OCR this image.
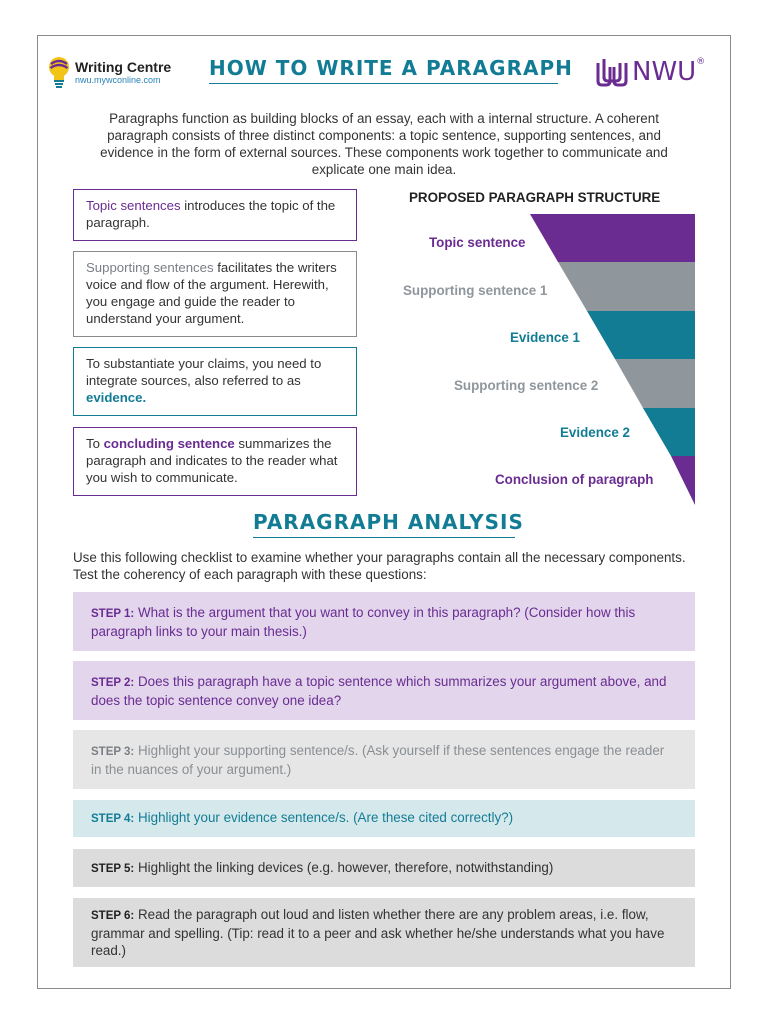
Writing Centre
nwu.mywconline.com	HOW TO WRITE A PARAGRAPH NWU®
Paragraphs function as building blocks of an essay, each with a internal structure. A coherent paragraph consists of three distinct components: a topic sentence, supporting sentences, and evidence in the form of external sources. These components work together to communicate and explicate one main idea.
Topic sentences introduces the topic of the paragraph.
Supporting sentences facilitates the writers voice and flow of the argument. Herewith, you engage and guide the reader to understand your argument.
To substantiate your claims, you need to integrate sources, also referred to as evidence.
To concluding sentence summarizes the paragraph and indicates to the reader what you wish to communicate.
PROPOSED PARAGRAPH STRUCTURE
Topic sentence
Supporting sentence 1
Evidence 1
Supporting sentence 2
Evidence 2
Conclusion of paragraph
PARAGRAPH ANALYSIS
Use this following checklist to examine whether your paragraphs contain all the necessary components. Test the coherency of each paragraph with these questions:
STEP 1: What is the argument that you want to convey in this paragraph? (Consider how this paragraph links to your main thesis.)
STEP 2: Does this paragraph have a topic sentence which summarizes your argument above, and does the topic sentence convey one idea?
STEP 3: Highlight your supporting sentence/s. (Ask yourself if these sentences engage the reader in the nuances of your argument.)
STEP 4: Highlight your evidence sentence/s. (Are these cited correctly?)
STEP 5: Highlight the linking devices (e.g. however, therefore, notwithstanding)
STEP 6: Read the paragraph out loud and listen whether there are any problem areas, i.e. flow, grammar and spelling. (Tip: read it to a peer and ask whether he/she understands what you have read.)
